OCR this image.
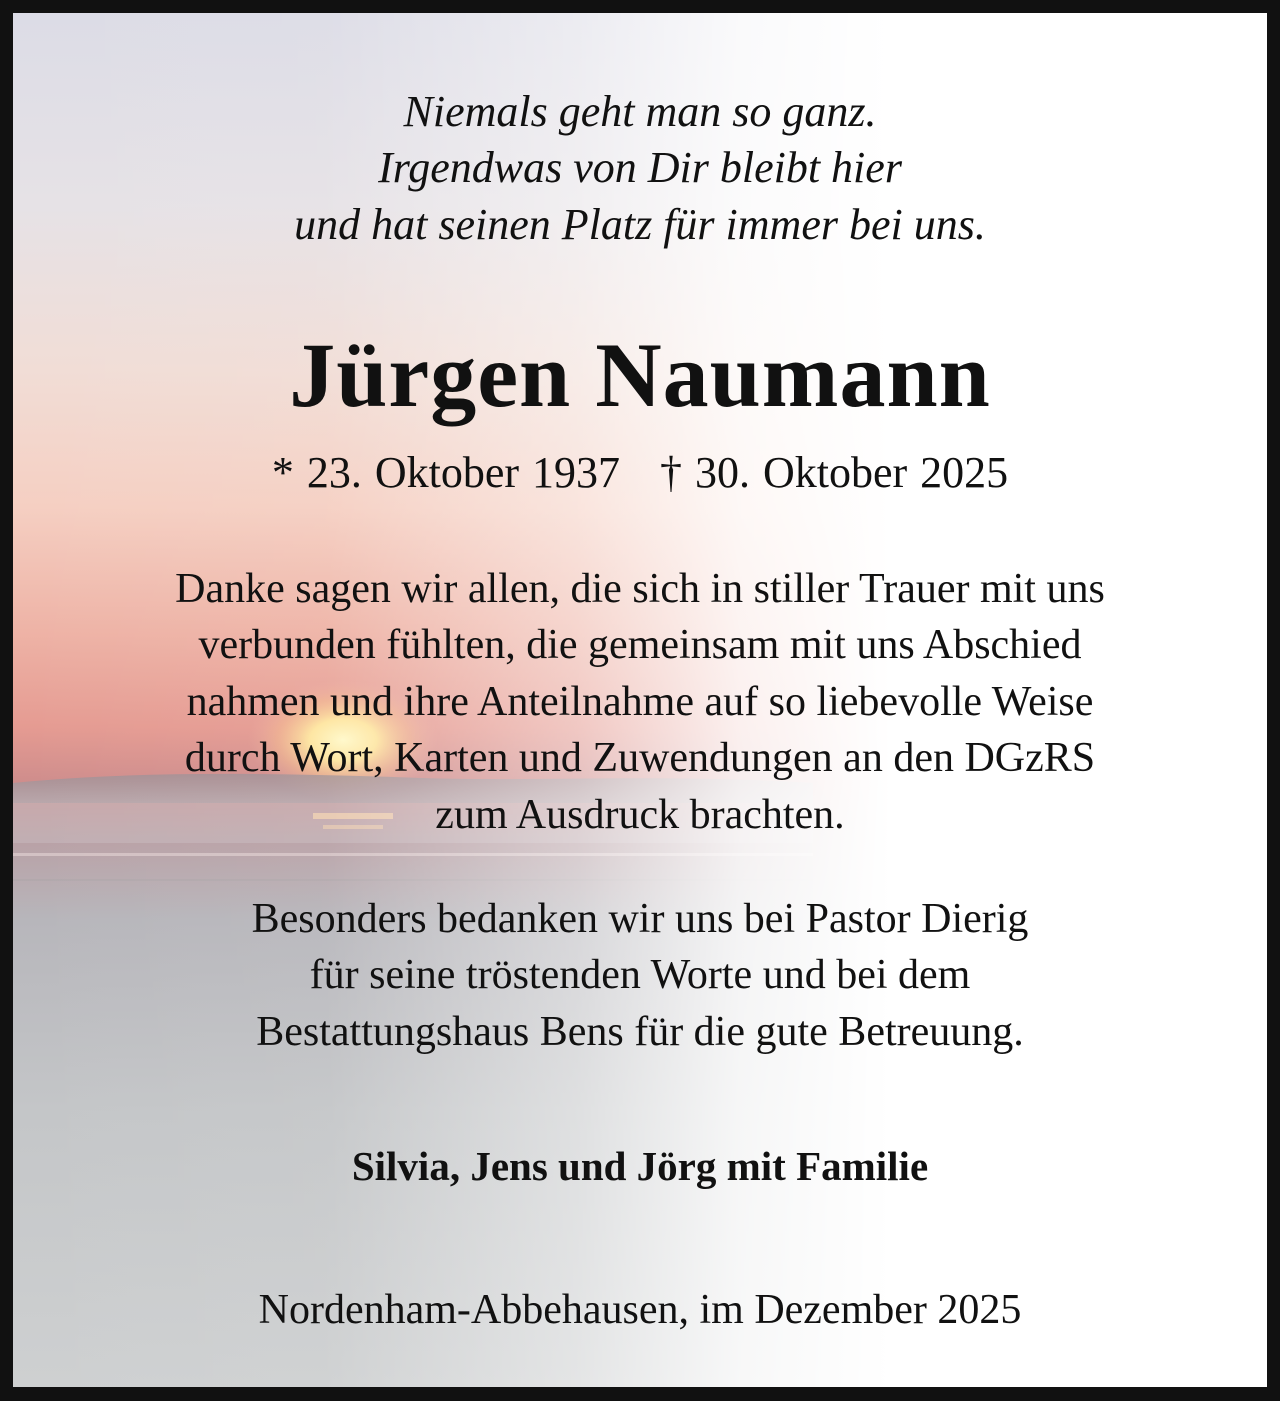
Niemals geht man so ganz.
Irgendwas von Dir bleibt hier
und hat seinen Platz für immer bei uns.
Jürgen Naumann
* 23. Oktober 1937 † 30. Oktober 2025
Danke sagen wir allen, die sich in stiller Trauer mit uns
verbunden fühlten, die gemeinsam mit uns Abschied
nahmen und ihre Anteilnahme auf so liebevolle Weise
durch Wort, Karten und Zuwendungen an den DGzRS
zum Ausdruck brachten.
Besonders bedanken wir uns bei Pastor Dierig
für seine tröstenden Worte und bei dem
Bestattungshaus Bens für die gute Betreuung.
Silvia, Jens und Jörg mit Familie
Nordenham-Abbehausen, im Dezember 2025
